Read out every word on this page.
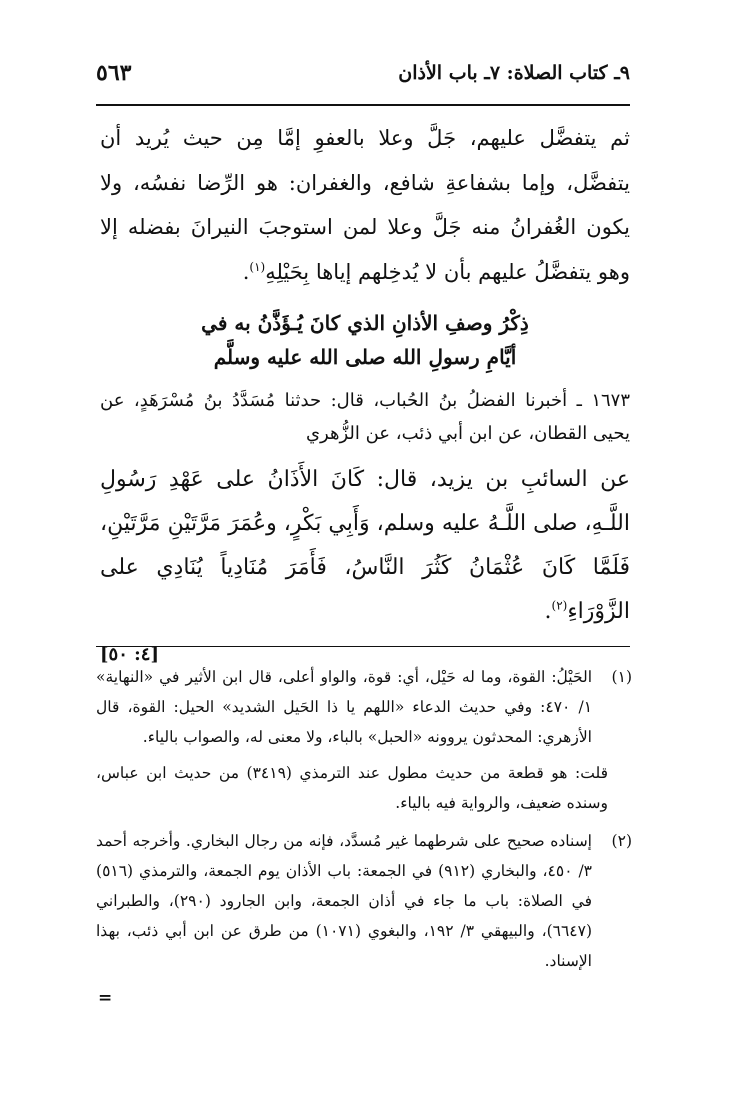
٩ـ كتاب الصلاة: ٧ـ باب الأذان
٥٦٣

ثم يتفضَّل عليهم، جَلَّ وعلا بالعفوِ إمَّا مِن حيث يُريد أن يتفضَّل، وإما بشفاعةِ شافع، والغفران: هو الرِّضا نفسُه، ولا يكون الغُفرانُ منه جَلَّ وعلا لمن استوجبَ النيرانَ بفضله إلا وهو يتفضَّلُ عليهم بأن لا يُدخِلهم إياها بِحَيْلِهِ$^{(١)}$.

ذِكْرُ وصفِ الأذانِ الذي كانَ يُـؤَذَّنُ به في
أيَّامِ رسولِ الله صلى الله عليه وسلَّم

١٦٧٣ ـ أخبرنا الفضلُ بنُ الحُباب، قال: حدثنا مُسَدَّدُ بنُ مُسْرَهَدٍ، عن يحيى القطان، عن ابن أبي ذئب، عن الزُّهري

عن السائبِ بن يزيد، قال: كَانَ الأَذَانُ على عَهْدِ رَسُولِ اللَّـهِ، صلى اللَّـهُ عليه وسلم، وَأَبِي بَكْرٍ، وعُمَرَ مَرَّتَيْنِ مَرَّتَيْنِ، فَلَمَّا كَانَ عُثْمَانُ كَثُرَ النَّاسُ، فَأَمَرَ مُنَادِياً يُنَادِي على الزَّوْرَاءِ$^{(٢)}$.

[٤: ٥٠]
(١)
الحَيْلُ: القوة، وما له حَيْل، أي: قوة، والواو أعلى، قال ابن الأثير في «النهاية» ١/ ٤٧٠: وفي حديث الدعاء «اللهم يا ذا الحَيل الشديد» الحيل: القوة، قال الأزهري: المحدثون يروونه «الحبل» بالباء، ولا معنى له، والصواب بالياء.
قلت: هو قطعة من حديث مطول عند الترمذي (٣٤١٩) من حديث ابن عباس، وسنده ضعيف، والرواية فيه بالياء.
(٢)
إسناده صحيح على شرطهما غير مُسدَّد، فإنه من رجال البخاري. وأخرجه أحمد ٣/ ٤٥٠، والبخاري (٩١٢) في الجمعة: باب الأذان يوم الجمعة، والترمذي (٥١٦) في الصلاة: باب ما جاء في أذان الجمعة، وابن الجارود (٢٩٠)، والطبراني (٦٦٤٧)، والبيهقي ٣/ ١٩٢، والبغوي (١٠٧١) من طرق عن ابن أبي ذئب، بهذا الإسناد.
=
